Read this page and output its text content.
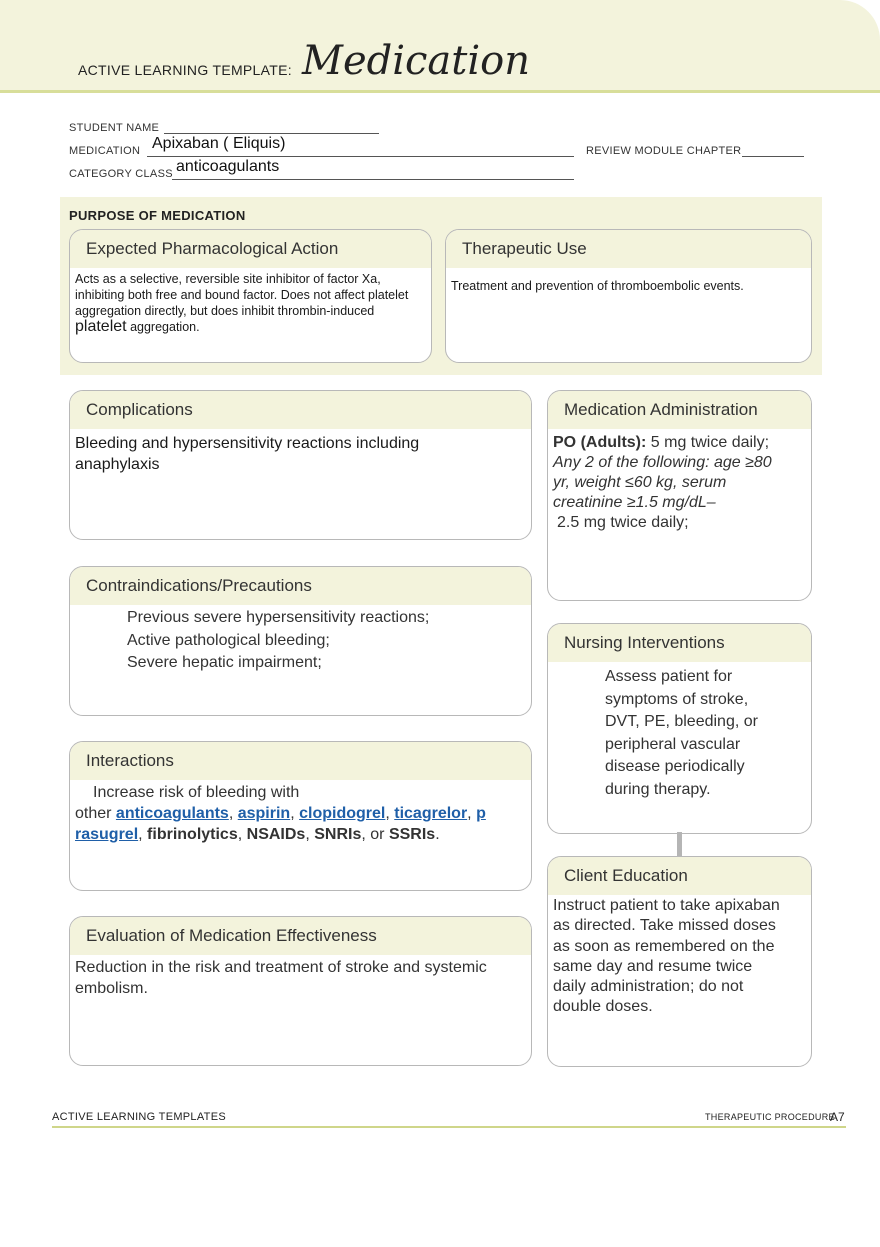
ACTIVE LEARNING TEMPLATE: Medication
STUDENT NAME
MEDICATION Apixaban ( Eliquis)	REVIEW MODULE CHAPTER
CATEGORY CLASS anticoagulants
PURPOSE OF MEDICATION
Expected Pharmacological Action
Acts as a selective, reversible site inhibitor of factor Xa, inhibiting both free and bound factor. Does not affect platelet aggregation directly, but does inhibit thrombin-induced
platelet aggregation.
Therapeutic Use
Treatment and prevention of thromboembolic events.
Complications
Bleeding and hypersensitivity reactions including anaphylaxis
Medication Administration
PO (Adults): 5 mg twice daily; Any 2 of the following: age ≥80 yr, weight ≤60 kg, serum creatinine ≥1.5 mg/dL–
2.5 mg twice daily;
Contraindications/Precautions
Previous severe hypersensitivity reactions;
Active pathological bleeding;
Severe hepatic impairment;
Nursing Interventions
Assess patient for
symptoms of stroke,
DVT, PE, bleeding, or
peripheral vascular
disease periodically
during therapy.
Interactions
Increase risk of bleeding with
other anticoagulants, aspirin, clopidogrel, ticagrelor, p
rasugrel, fibrinolytics, NSAIDs, SNRIs, or SSRIs.
Client Education
Instruct patient to take apixaban
as directed. Take missed doses
as soon as remembered on the
same day and resume twice
daily administration; do not
double doses.
Evaluation of Medication Effectiveness
Reduction in the risk and treatment of stroke and systemic embolism.
ACTIVE LEARNING TEMPLATES	THERAPEUTIC PROCEDURE
A7
